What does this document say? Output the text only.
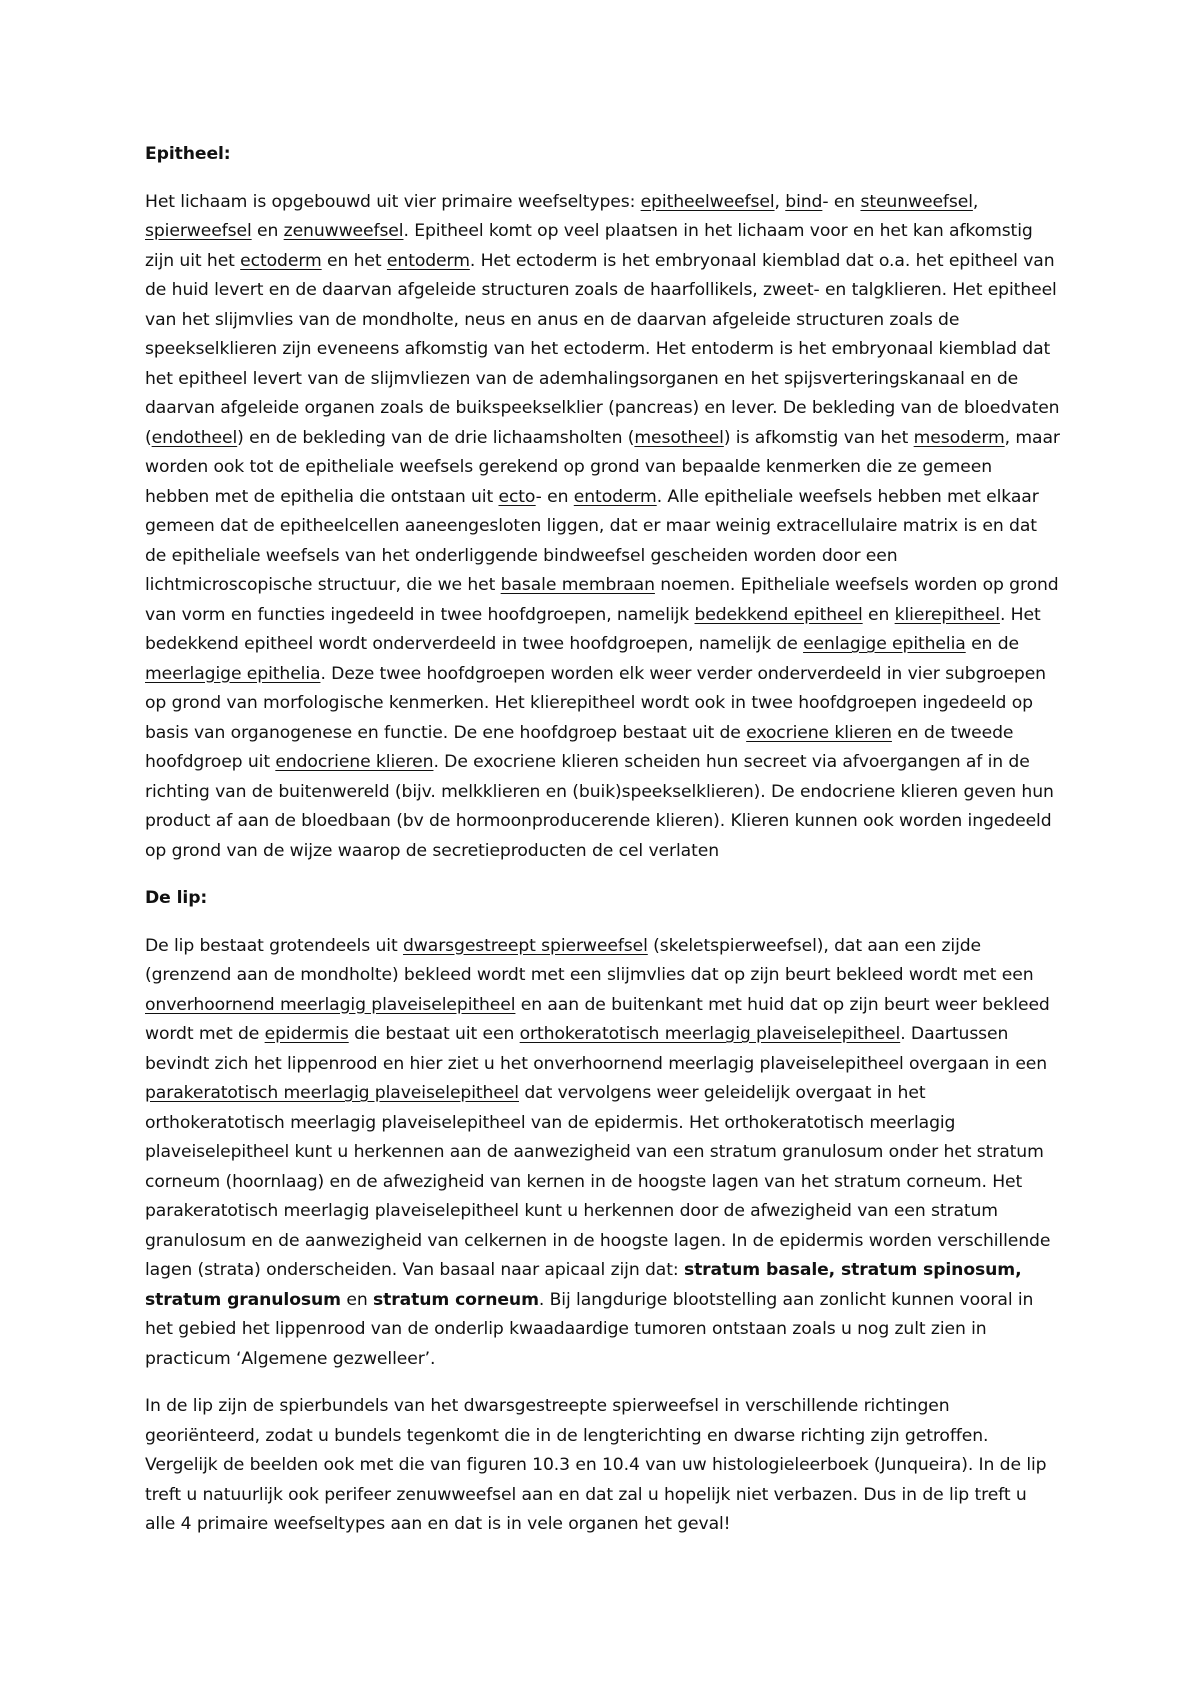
Epitheel:

Het lichaam is opgebouwd uit vier primaire weefseltypes: epitheelweefsel, bind- en steunweefsel, spierweefsel en zenuwweefsel. Epitheel komt op veel plaatsen in het lichaam voor en het kan afkomstig zijn uit het ectoderm en het entoderm. Het ectoderm is het embryonaal kiemblad dat o.a. het epitheel van de huid levert en de daarvan afgeleide structuren zoals de haarfollikels, zweet- en talgklieren. Het epitheel van het slijmvlies van de mondholte, neus en anus en de daarvan afgeleide structuren zoals de speekselklieren zijn eveneens afkomstig van het ectoderm. Het entoderm is het embryonaal kiemblad dat het epitheel levert van de slijmvliezen van de ademhalingsorganen en het spijsverteringskanaal en de daarvan afgeleide organen zoals de buikspeekselklier (pancreas) en lever. De bekleding van de bloedvaten (endotheel) en de bekleding van de drie lichaamsholten (mesotheel) is afkomstig van het mesoderm, maar worden ook tot de epitheliale weefsels gerekend op grond van bepaalde kenmerken die ze gemeen hebben met de epithelia die ontstaan uit ecto- en entoderm. Alle epitheliale weefsels hebben met elkaar gemeen dat de epitheelcellen aaneengesloten liggen, dat er maar weinig extracellulaire matrix is en dat de epitheliale weefsels van het onderliggende bindweefsel gescheiden worden door een lichtmicroscopische structuur, die we het basale membraan noemen. Epitheliale weefsels worden op grond van vorm en functies ingedeeld in twee hoofdgroepen, namelijk bedekkend epitheel en klierepitheel. Het bedekkend epitheel wordt onderverdeeld in twee hoofdgroepen, namelijk de eenlagige epithelia en de meerlagige epithelia. Deze twee hoofdgroepen worden elk weer verder onderverdeeld in vier subgroepen op grond van morfologische kenmerken. Het klierepitheel wordt ook in twee hoofdgroepen ingedeeld op basis van organogenese en functie. De ene hoofdgroep bestaat uit de exocriene klieren en de tweede hoofdgroep uit endocriene klieren. De exocriene klieren scheiden hun secreet via afvoergangen af in de richting van de buitenwereld (bijv. melkklieren en (buik)speekselklieren). De endocriene klieren geven hun product af aan de bloedbaan (bv de hormoonproducerende klieren). Klieren kunnen ook worden ingedeeld op grond van de wijze waarop de secretieproducten de cel verlaten

De lip:

De lip bestaat grotendeels uit dwarsgestreept spierweefsel (skeletspierweefsel), dat aan een zijde (grenzend aan de mondholte) bekleed wordt met een slijmvlies dat op zijn beurt bekleed wordt met een onverhoornend meerlagig plaveiselepitheel en aan de buitenkant met huid dat op zijn beurt weer bekleed wordt met de epidermis die bestaat uit een orthokeratotisch meerlagig plaveiselepitheel. Daartussen bevindt zich het lippenrood en hier ziet u het onverhoornend meerlagig plaveiselepitheel overgaan in een parakeratotisch meerlagig plaveiselepitheel dat vervolgens weer geleidelijk overgaat in het orthokeratotisch meerlagig plaveiselepitheel van de epidermis. Het orthokeratotisch meerlagig plaveiselepitheel kunt u herkennen aan de aanwezigheid van een stratum granulosum onder het stratum corneum (hoornlaag) en de afwezigheid van kernen in de hoogste lagen van het stratum corneum. Het parakeratotisch meerlagig plaveiselepitheel kunt u herkennen door de afwezigheid van een stratum granulosum en de aanwezigheid van celkernen in de hoogste lagen. In de epidermis worden verschillende lagen (strata) onderscheiden. Van basaal naar apicaal zijn dat: stratum basale, stratum spinosum, stratum granulosum en stratum corneum. Bij langdurige blootstelling aan zonlicht kunnen vooral in het gebied het lippenrood van de onderlip kwaadaardige tumoren ontstaan zoals u nog zult zien in practicum ‘Algemene gezwelleer’.

In de lip zijn de spierbundels van het dwarsgestreepte spierweefsel in verschillende richtingen georiënteerd, zodat u bundels tegenkomt die in de lengterichting en dwarse richting zijn getroffen. Vergelijk de beelden ook met die van figuren 10.3 en 10.4 van uw histologieleerboek (Junqueira). In de lip treft u natuurlijk ook perifeer zenuwweefsel aan en dat zal u hopelijk niet verbazen. Dus in de lip treft u alle 4 primaire weefseltypes aan en dat is in vele organen het geval!
